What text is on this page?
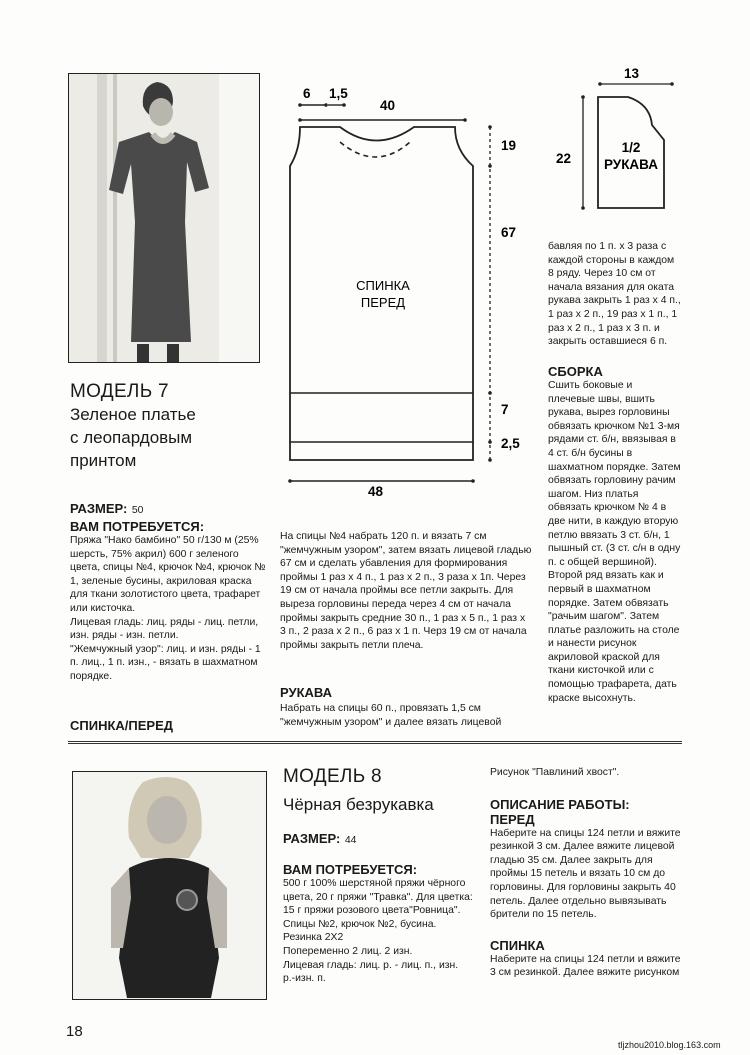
МОДЕЛЬ 7

Зеленое платье

с леопардовым

принтом

РАЗМЕР: 50
ВАМ ПОТРЕБУЕТСЯ:

Пряжа "Нако бамбино" 50 г/130 м (25% шерсть, 75% акрил) 600 г зеленого цвета, спицы №4, крючок №4, крючок № 1, зеленые бусины, акриловая краска для ткани золотистого цвета, трафарет или кисточка.

Лицевая гладь: лиц. ряды - лиц. петли, изн. ряды - изн. петли.

"Жемчужный узор": лиц. и изн. ряды - 1 п. лиц., 1 п. изн., - вязать в шахматном порядке.

СПИНКА/ПЕРЕД

На спицы №4 набрать 120 п. и вязать 7 см "жемчужным узором", затем вязать лицевой гладью 67 см и сделать убавления для формирования проймы 1 раз х 4 п., 1 раз х 2 п., 3 раза х 1п. Через 19 см от начала проймы все петли закрыть. Для выреза горловины переда через 4 см от начала проймы закрыть средние 30 п., 1 раз х 5 п., 1 раз х 3 п., 2 раза х 2 п., 6 раз х 1 п. Черз 19 см от начала проймы закрыть петли плеча.

РУКАВА

Набрать на спицы 60 п., провязать 1,5 см "жемчужным узором" и далее вязать лицевой

бавляя по 1 п. х 3 раза с каждой стороны в каждом 8 ряду. Через 10 см от начала вязания для оката рукава закрыть 1 раз х 4 п., 1 раз х 2 п., 19 раз х 1 п., 1 раз х 2 п., 1 раз х 3 п. и закрыть оставшиеся 6 п.

СБОРКА

Сшить боковые и плечевые швы, вшить рукава, вырез горловины обвязать крючком №1 3-мя рядами ст. б/н, ввязывая в 4 ст. б/н бусины в шахматном порядке. Затем обвязать горловину рачим шагом. Низ платья обвязать крючком № 4 в две нити, в каждую вторую петлю ввязать 3 ст. б/н, 1 пышный ст. (3 ст. с/н в одну п. с общей вершиной). Второй ряд вязать как и первый в шахматном порядке. Затем обвязать "рачьим шагом". Затем платье разложить на столе и нанести рисунок акриловой краской для ткани кисточкой или с помощью трафарета, дать краске высохнуть.

6 1,5
40
19
67
7
2,5
48
СПИНКА
ПЕРЕД
13
22
1/2
РУКАВА
МОДЕЛЬ 8
Чёрная безрукавка
РАЗМЕР: 44
ВАМ ПОТРЕБУЕТСЯ:

500 г 100% шерстяной пряжи чёрного цвета, 20 г пряжи "Травка". Для цветка: 15 г пряжи розового цвета"Ровница". Спицы №2, крючок №2, бусина.

Резинка 2Х2

Попеременно 2 лиц. 2 изн.

Лицевая гладь: лиц. р. - лиц. п., изн. р.-изн. п.

Рисунок "Павлиний хвост".

ОПИСАНИЕ РАБОТЫ:
ПЕРЕД

Наберите на спицы 124 петли и вяжите резинкой 3 см. Далее вяжите лицевой гладью 35 см. Далее закрыть для проймы 15 петель и вязать 10 см до горловины. Для горловины закрыть 40 петель. Далее отдельно вывязывать брители по 15 петель.

СПИНКА

Наберите на спицы 124 петли и вяжите 3 см резинкой. Далее вяжите рисунком

18
tljzhou2010.blog.163.com
